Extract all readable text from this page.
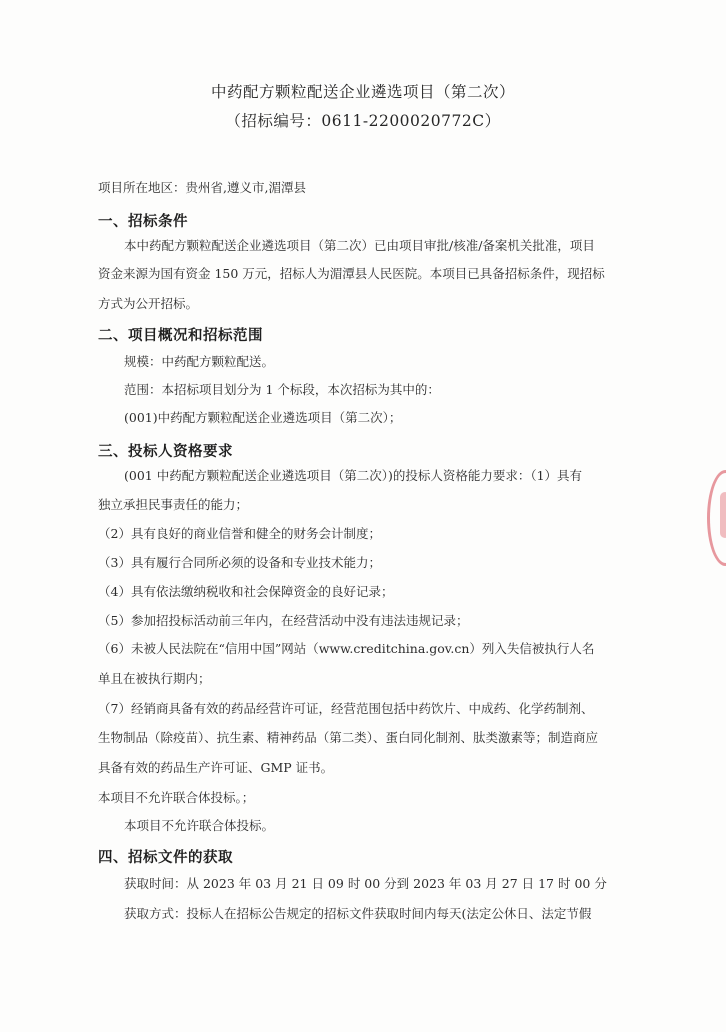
中药配方颗粒配送企业遴选项目（第二次）
（招标编号：0611-2200020772C）
项目所在地区：贵州省,遵义市,湄潭县
一、招标条件
本中药配方颗粒配送企业遴选项目（第二次）已由项目审批/核准/备案机关批准，项目
资金来源为国有资金 150 万元，招标人为湄潭县人民医院。本项目已具备招标条件，现招标
方式为公开招标。
二、项目概况和招标范围
规模：中药配方颗粒配送。
范围：本招标项目划分为 1 个标段，本次招标为其中的：
(001)中药配方颗粒配送企业遴选项目（第二次）；
三、投标人资格要求
(001 中药配方颗粒配送企业遴选项目（第二次）)的投标人资格能力要求：（1）具有
独立承担民事责任的能力；
（2）具有良好的商业信誉和健全的财务会计制度；
（3）具有履行合同所必须的设备和专业技术能力；
（4）具有依法缴纳税收和社会保障资金的良好记录；
（5）参加招投标活动前三年内，在经营活动中没有违法违规记录；
（6）未被人民法院在“信用中国”网站（www.creditchina.gov.cn）列入失信被执行人名
单且在被执行期内；
（7）经销商具备有效的药品经营许可证，经营范围包括中药饮片、中成药、化学药制剂、
生物制品（除疫苗）、抗生素、精神药品（第二类）、蛋白同化制剂、肽类激素等；制造商应
具备有效的药品生产许可证、GMP 证书。
本项目不允许联合体投标。；
本项目不允许联合体投标。
四、招标文件的获取
获取时间：从 2023 年 03 月 21 日 09 时 00 分到 2023 年 03 月 27 日 17 时 00 分
获取方式：投标人在招标公告规定的招标文件获取时间内每天(法定公休日、法定节假
